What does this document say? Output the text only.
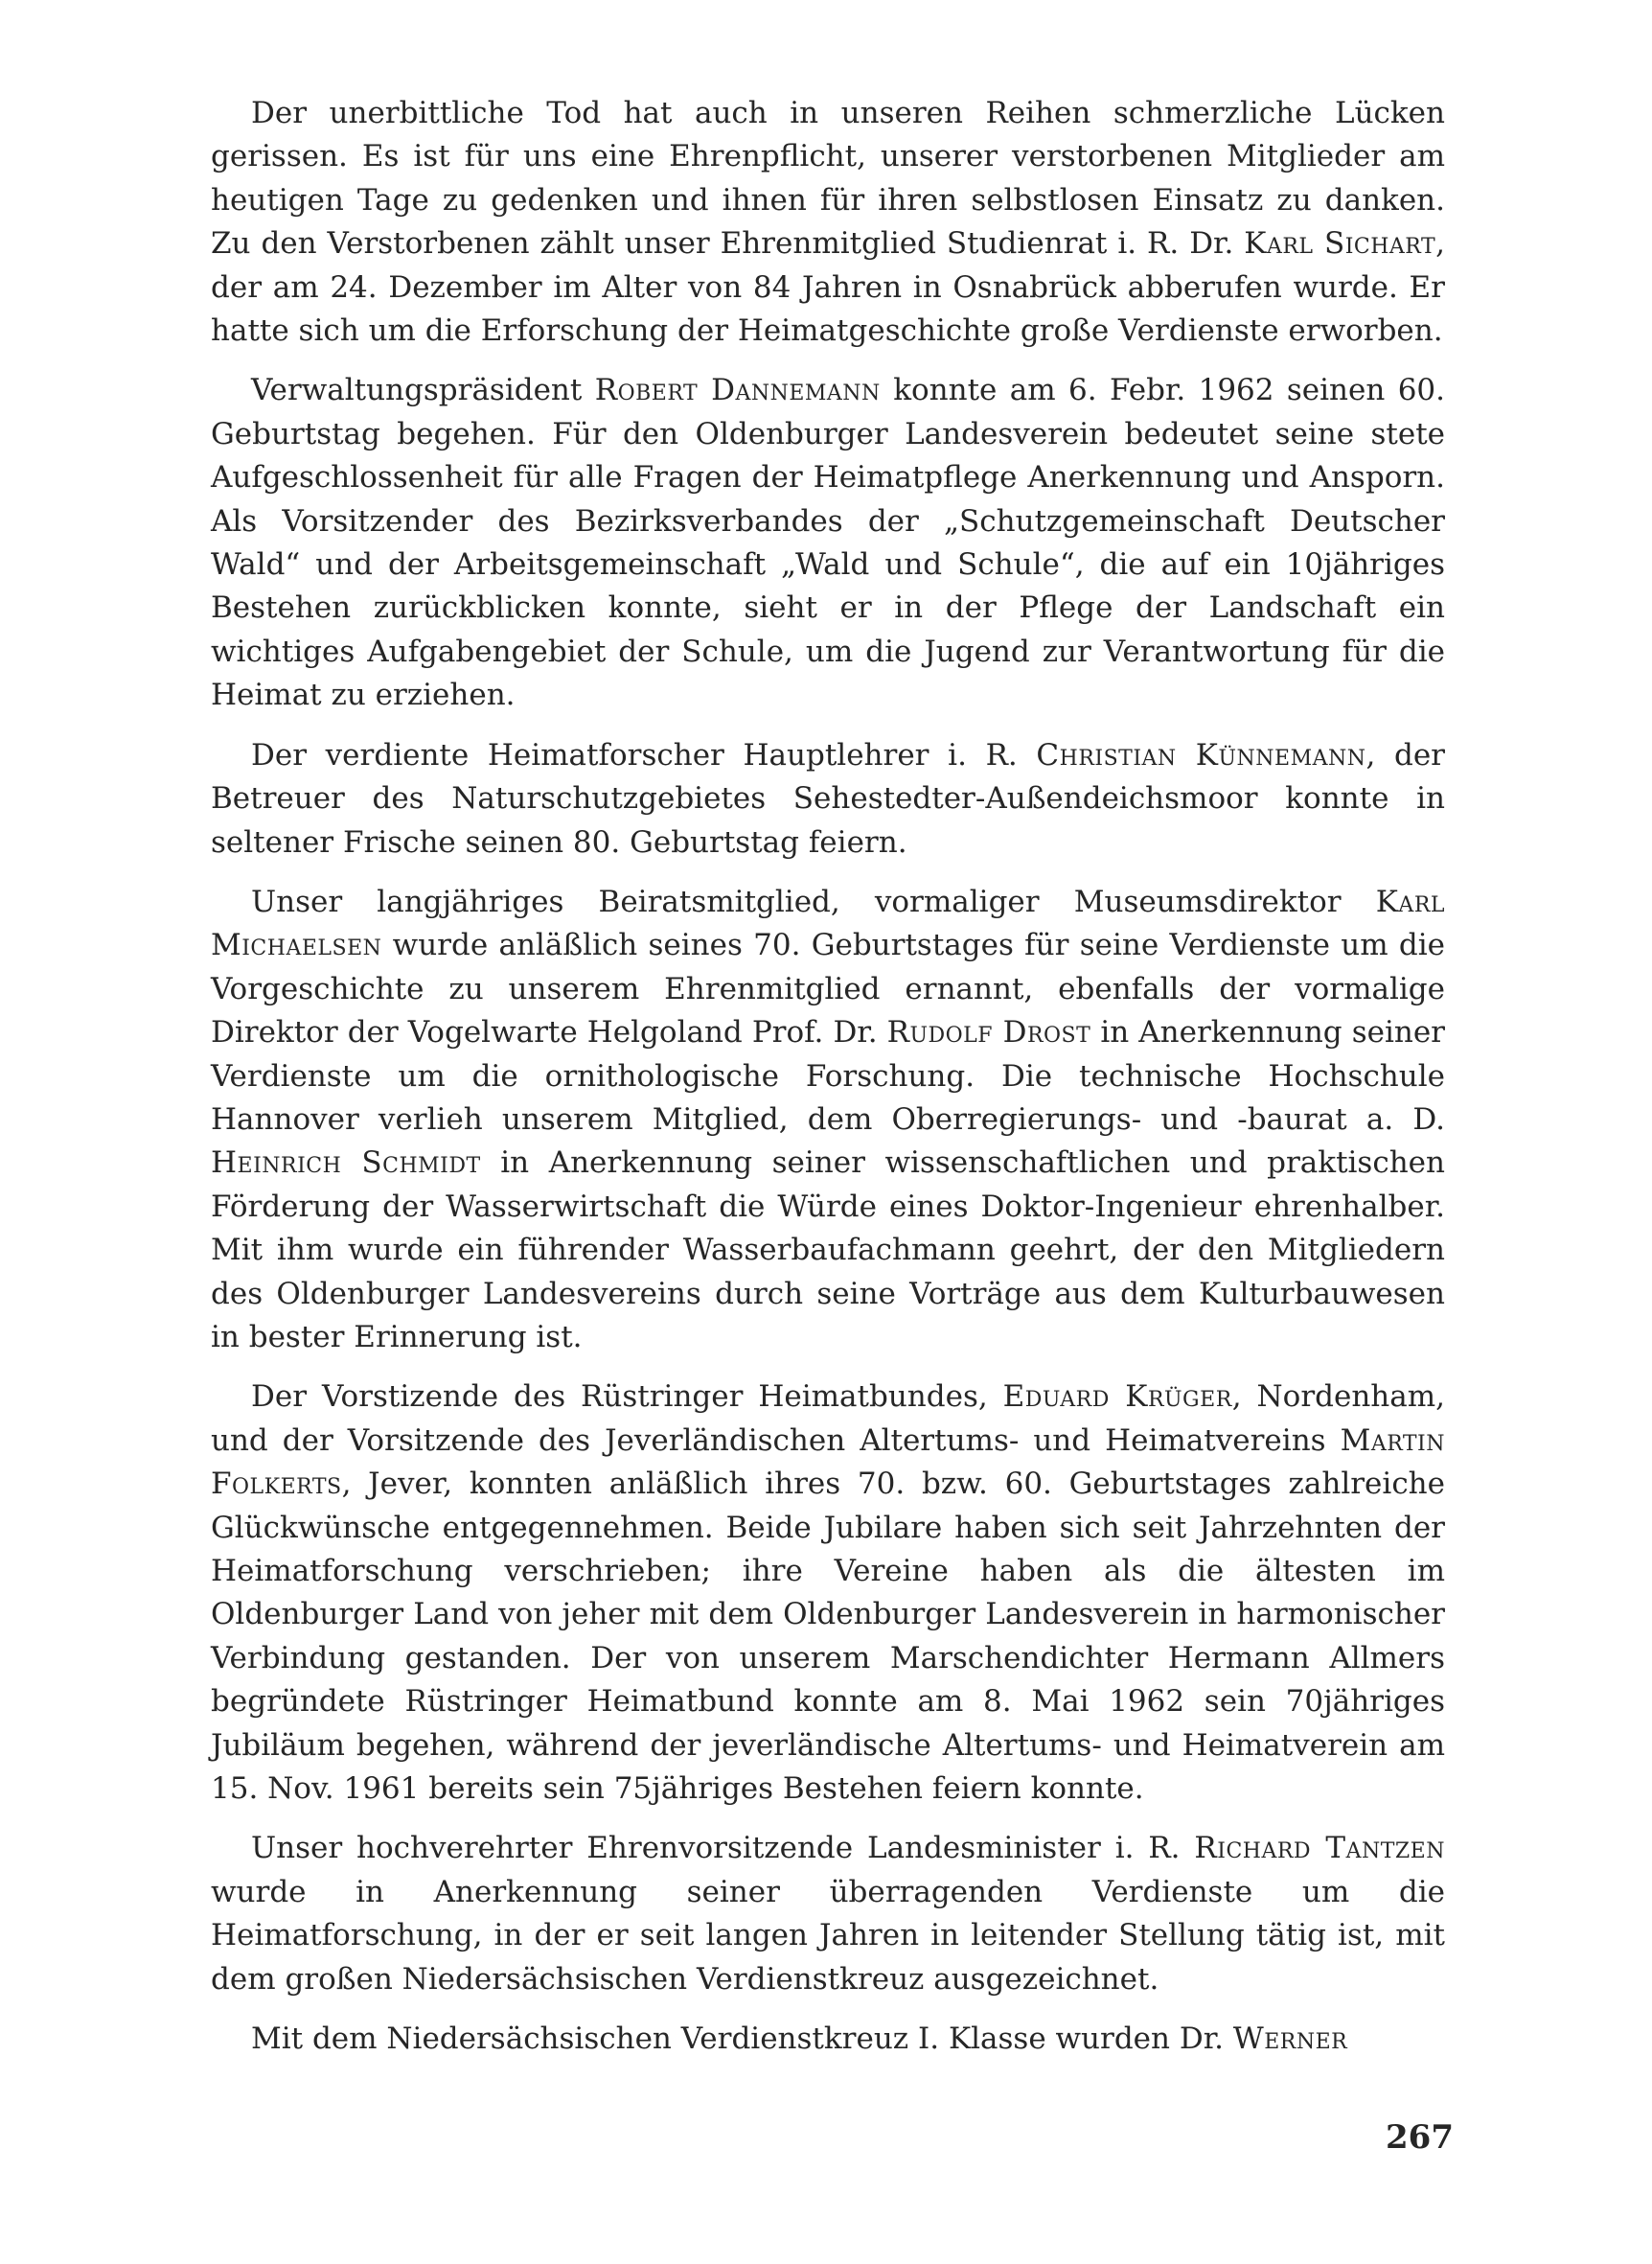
Der unerbittliche Tod hat auch in unseren Reihen schmerzliche Lücken gerissen. Es ist für uns eine Ehrenpflicht, unserer verstorbenen Mitglieder am heutigen Tage zu gedenken und ihnen für ihren selbstlosen Einsatz zu danken. Zu den Verstorbenen zählt unser Ehrenmitglied Studienrat i. R. Dr. Karl Sichart, der am 24. Dezember im Alter von 84 Jahren in Osnabrück abberufen wurde. Er hatte sich um die Erforschung der Heimatgeschichte große Verdienste erworben.

Verwaltungspräsident Robert Dannemann konnte am 6. Febr. 1962 seinen 60. Geburtstag begehen. Für den Oldenburger Landesverein bedeutet seine stete Aufgeschlossenheit für alle Fragen der Heimatpflege Anerkennung und Ansporn. Als Vorsitzender des Bezirksverbandes der „Schutzgemeinschaft Deutscher Wald“ und der Arbeitsgemeinschaft „Wald und Schule“, die auf ein 10jähriges Bestehen zurückblicken konnte, sieht er in der Pflege der Landschaft ein wichtiges Aufgabengebiet der Schule, um die Jugend zur Verantwortung für die Heimat zu erziehen.

Der verdiente Heimatforscher Hauptlehrer i. R. Christian Künnemann, der Betreuer des Naturschutzgebietes Sehestedter-Außendeichsmoor konnte in seltener Frische seinen 80. Geburtstag feiern.

Unser langjähriges Beiratsmitglied, vormaliger Museumsdirektor Karl Michaelsen wurde anläßlich seines 70. Geburtstages für seine Verdienste um die Vorgeschichte zu unserem Ehrenmitglied ernannt, ebenfalls der vormalige Direktor der Vogelwarte Helgoland Prof. Dr. Rudolf Drost in Anerkennung seiner Verdienste um die ornithologische Forschung. Die technische Hochschule Hannover verlieh unserem Mitglied, dem Oberregierungs- und -baurat a. D. Heinrich Schmidt in Anerkennung seiner wissenschaftlichen und praktischen Förderung der Wasserwirtschaft die Würde eines Doktor-Ingenieur ehrenhalber. Mit ihm wurde ein führender Wasserbaufachmann geehrt, der den Mitgliedern des Oldenburger Landesvereins durch seine Vorträge aus dem Kulturbauwesen in bester Erinnerung ist.

Der Vorstizende des Rüstringer Heimatbundes, Eduard Krüger, Nordenham, und der Vorsitzende des Jeverländischen Altertums- und Heimatvereins Martin Folkerts, Jever, konnten anläßlich ihres 70. bzw. 60. Geburtstages zahlreiche Glückwünsche entgegennehmen. Beide Jubilare haben sich seit Jahrzehnten der Heimatforschung verschrieben; ihre Vereine haben als die ältesten im Oldenburger Land von jeher mit dem Oldenburger Landesverein in harmonischer Verbindung gestanden. Der von unserem Marschendichter Hermann Allmers begründete Rüstringer Heimatbund konnte am 8. Mai 1962 sein 70jähriges Jubiläum begehen, während der jeverländische Altertums- und Heimatverein am 15. Nov. 1961 bereits sein 75jähriges Bestehen feiern konnte.

Unser hochverehrter Ehrenvorsitzende Landesminister i. R. Richard Tantzen wurde in Anerkennung seiner überragenden Verdienste um die Heimatforschung, in der er seit langen Jahren in leitender Stellung tätig ist, mit dem großen Niedersächsischen Verdienstkreuz ausgezeichnet.

Mit dem Niedersächsischen Verdienstkreuz I. Klasse wurden Dr. Werner

267
